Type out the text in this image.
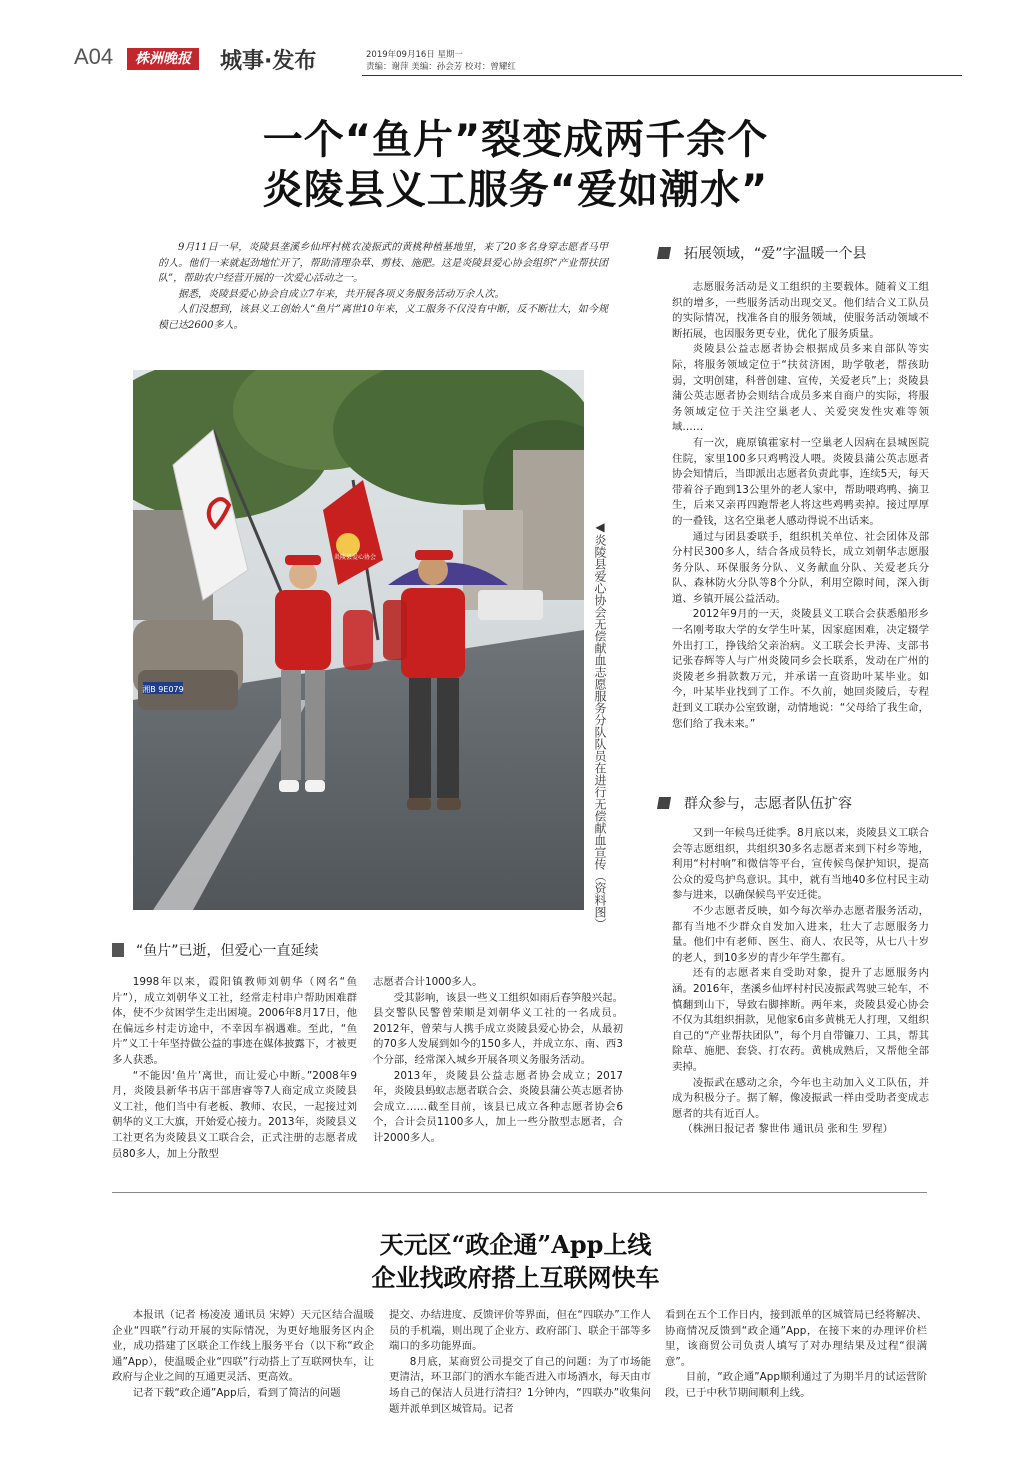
A04	株洲晚报	城事·发布	2019年09月16日 星期一
责编：谢萍 美编：孙会芳 校对：曾耀红
一个“鱼片”裂变成两千余个
炎陵县义工服务“爱如潮水”

9月11日一早，炎陵县垄溪乡仙坪村桃农凌振武的黄桃种植基地里，来了20多名身穿志愿者马甲的人。他们一来就起劲地忙开了，帮助清理杂草、剪枝、施肥。这是炎陵县爱心协会组织“产业帮扶团队”，帮助农户经营开展的一次爱心活动之一。

据悉，炎陵县爱心协会自成立7年来，共开展各项义务服务活动万余人次。

人们没想到，该县义工创始人“鱼片”离世10年来，义工服务不仅没有中断，反不断壮大，如今规模已达2600多人。

湘B 9E079
炎陵县爱心协会	◀炎陵县爱心协会无偿献血志愿服务分队队员在进行无偿献血宣传（资料图）
“鱼片”已逝，但爱心一直延续

1998年以来，霞阳镇教师刘朝华（网名“鱼片”），成立刘朝华义工社，经常走村串户帮助困难群体，使不少贫困学生走出困境。2006年8月17日，他在偏远乡村走访途中，不幸因车祸遇难。至此，“鱼片”义工十年坚持做公益的事迹在媒体披露下，才被更多人获悉。

“不能因‘鱼片’离世，而让爱心中断。”2008年9月，炎陵县新华书店干部唐睿等7人商定成立炎陵县义工社，他们当中有老板、教师、农民，一起接过刘朝华的义工大旗，开始爱心接力。2013年，炎陵县义工社更名为炎陵县义工联合会，正式注册的志愿者成员80多人，加上分散型

志愿者合计1000多人。

受其影响，该县一些义工组织如雨后春笋般兴起。县交警队民警曾荣顺是刘朝华义工社的一名成员。2012年，曾荣与人携手成立炎陵县爱心协会，从最初的70多人发展到如今的150多人，并成立东、南、西3个分部，经常深入城乡开展各项义务服务活动。

2013年，炎陵县公益志愿者协会成立；2017年，炎陵县蚂蚁志愿者联合会、炎陵县蒲公英志愿者协会成立……截至目前，该县已成立各种志愿者协会6个，合计会员1100多人，加上一些分散型志愿者，合计2000多人。

拓展领域，“爱”字温暖一个县

志愿服务活动是义工组织的主要载体。随着义工组织的增多，一些服务活动出现交叉。他们结合义工队员的实际情况，找准各自的服务领域，使服务活动领域不断拓展，也因服务更专业，优化了服务质量。

炎陵县公益志愿者协会根据成员多来自部队等实际，将服务领域定位于“扶贫济困，助学敬老，帮孩助弱，文明创建，科普创建、宣传，关爱老兵”上；炎陵县蒲公英志愿者协会则结合成员多来自商户的实际，将服务领域定位于关注空巢老人、关爱突发性灾难等领域……

有一次，鹿原镇霍家村一空巢老人因病在县城医院住院，家里100多只鸡鸭没人喂。炎陵县蒲公英志愿者协会知情后，当即派出志愿者负责此事，连续5天，每天带着谷子跑到13公里外的老人家中，帮助喂鸡鸭、摘卫生，后来又亲再四跑帮老人将这些鸡鸭卖掉。接过厚厚的一叠钱，这名空巢老人感动得说不出话来。

通过与团县委联手，组织机关单位、社会团体及部分村民300多人，结合各成员特长，成立刘朝华志愿服务分队、环保服务分队、义务献血分队、关爱老兵分队、森林防火分队等8个分队，利用空隙时间，深入街道、乡镇开展公益活动。

2012年9月的一天，炎陵县义工联合会获悉船形乡一名刚考取大学的女学生叶某，因家庭困难，决定辍学外出打工，挣钱给父亲治病。义工联会长尹涛、支部书记张春辉等人与广州炎陵同乡会长联系，发动在广州的炎陵老乡捐款数万元，并承诺一直资助叶某毕业。如今，叶某毕业找到了工作。不久前，她回炎陵后，专程赶到义工联办公室致谢，动情地说：“父母给了我生命，您们给了我未来。”

群众参与，志愿者队伍扩容

又到一年候鸟迁徙季。8月底以来，炎陵县义工联合会等志愿组织，共组织30多名志愿者来到下村乡等地，利用“村村响”和微信等平台，宣传候鸟保护知识，提高公众的爱鸟护鸟意识。其中，就有当地40多位村民主动参与进来，以确保候鸟平安迁徙。

不少志愿者反映，如今每次举办志愿者服务活动，都有当地不少群众自发加入进来，壮大了志愿服务力量。他们中有老师、医生、商人、农民等，从七八十岁的老人，到10多岁的青少年学生都有。

还有的志愿者来自受助对象，提升了志愿服务内涵。2016年，垄溪乡仙坪村村民凌振武驾驶三轮车，不慎翻到山下，导致右脚摔断。两年来，炎陵县爱心协会不仅为其组织捐款，见他家6亩多黄桃无人打理，又组织自己的“产业帮扶团队”，每个月自带镰刀、工具，帮其除草、施肥、套袋、打农药。黄桃成熟后，又帮他全部卖掉。

凌振武在感动之余，今年也主动加入义工队伍，并成为积极分子。据了解，像凌振武一样由受助者变成志愿者的共有近百人。

（株洲日报记者 黎世伟 通讯员 张和生 罗程）

天元区“政企通”App上线
企业找政府搭上互联网快车

本报讯（记者 杨凌凌 通讯员 宋婷）天元区结合温暖企业“四联”行动开展的实际情况，为更好地服务区内企业，成功搭建了区联企工作线上服务平台（以下称“政企通”App），使温暖企业“四联”行动搭上了互联网快车，让政府与企业之间的互通更灵活、更高效。

记者下载“政企通”App后，看到了简洁的问题

提交、办结进度、反馈评价等界面，但在“四联办”工作人员的手机端，则出现了企业方、政府部门、联企干部等多端口的多功能界面。

8月底，某商贸公司提交了自己的问题：为了市场能更清洁，环卫部门的洒水车能否进入市场酒水，每天由市场自己的保洁人员进行清扫？1分钟内，“四联办”收集问题并派单到区城管局。记者

看到在五个工作日内，接到派单的区城管局已经将解决、协商情况反馈到“政企通”App，在接下来的办理评价栏里，该商贸公司负责人填写了对办理结果及过程“很满意”。

目前，“政企通”App顺利通过了为期半月的试运营阶段，已于中秋节期间顺利上线。
